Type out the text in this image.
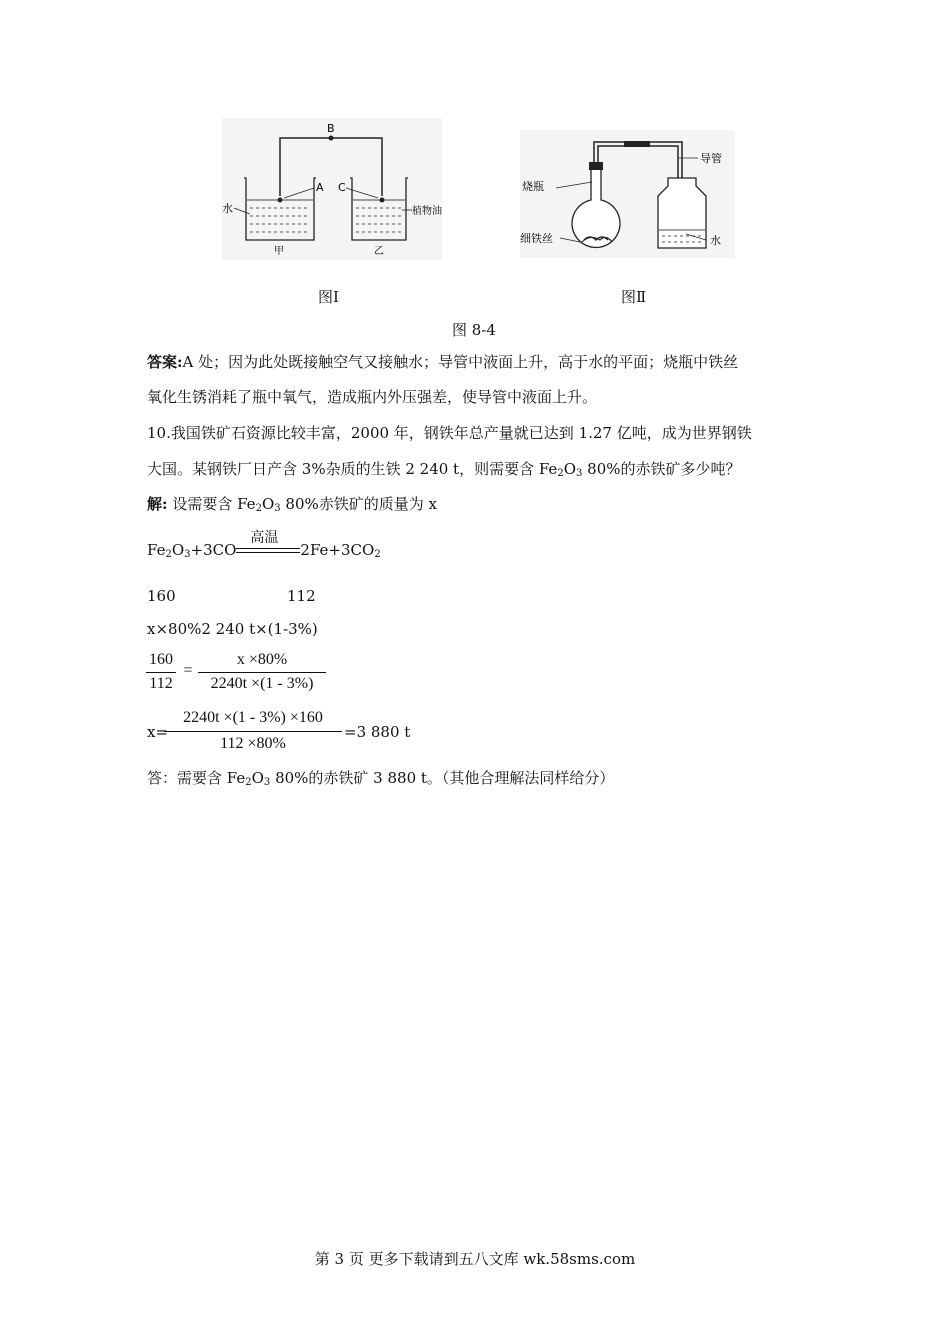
B
A
水
甲
C
植物油
乙
烧瓶
细铁丝
导管
水
图Ⅰ	图Ⅱ
图 8-4
答案:A 处；因为此处既接触空气又接触水；导管中液面上升，高于水的平面；烧瓶中铁丝
氧化生锈消耗了瓶中氧气，造成瓶内外压强差，使导管中液面上升。
10.我国铁矿石资源比较丰富，2000 年，钢铁年总产量就已达到 1.27 亿吨，成为世界钢铁
大国。某钢铁厂日产含 3%杂质的生铁 2 240 t，则需要含 $Fe_2O_3$ 80%的赤铁矿多少吨？
解: 设需要含 $Fe_2O_3$ 80%赤铁矿的质量为 x
$Fe_2O_3+3CO$
高温
$2Fe+3CO_2$
160	112
x×80%2 240 t×(1-3%)
160
112
=
x ×80%
2240t ×(1 - 3%)
x=
2240t ×(1 - 3%) ×160
112 ×80%
=3 880 t
答：需要含 $Fe_2O_3$ 80%的赤铁矿 3 880 t。（其他合理解法同样给分）
第 3 页 更多下载请到五八文库 wk.58sms.com
